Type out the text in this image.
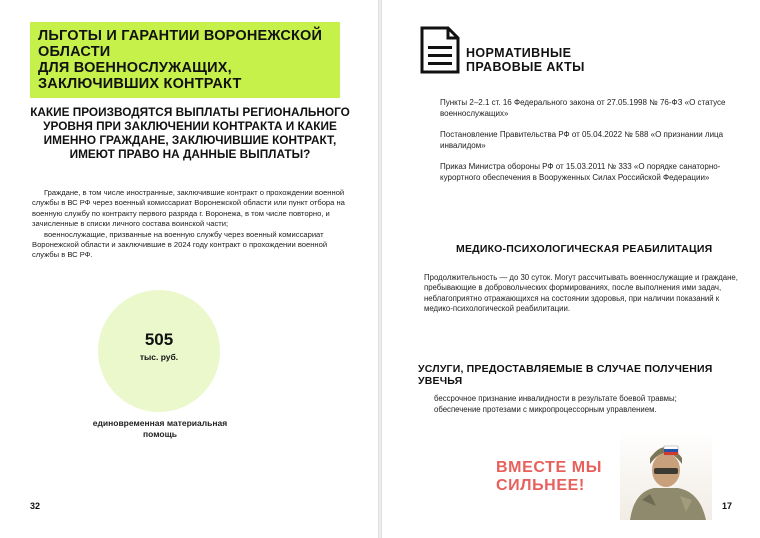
ЛЬГОТЫ И ГАРАНТИИ ВОРОНЕЖСКОЙ ОБЛАСТИ
ДЛЯ ВОЕННОСЛУЖАЩИХ,
ЗАКЛЮЧИВШИХ КОНТРАКТ
КАКИЕ ПРОИЗВОДЯТСЯ ВЫПЛАТЫ РЕГИОНАЛЬНОГО УРОВНЯ ПРИ ЗАКЛЮЧЕНИИ КОНТРАКТА И КАКИЕ ИМЕННО ГРАЖДАНЕ, ЗАКЛЮЧИВШИЕ КОНТРАКТ, ИМЕЮТ ПРАВО НА ДАННЫЕ ВЫПЛАТЫ?

Граждане, в том числе иностранные, заключившие контракт о прохождении военной службы в ВС РФ через военный комиссариат Воронежской области или пункт отбора на военную службу по контракту первого разряда г. Воронежа, в том числе повторно, и зачисленные в списки личного состава воинской части;

военнослужащие, призванные на военную службу через военный комиссариат Воронежской области и заключившие в 2024 году контракт о прохождении военной службы в ВС РФ.

505
тыс. руб.
единовременная материальная помощь
32
НОРМАТИВНЫЕ
ПРАВОВЫЕ АКТЫ
Пункты 2–2.1 ст. 16 Федерального закона от 27.05.1998 № 76-ФЗ «О статусе военнослужащих»
Постановление Правительства РФ от 05.04.2022 № 588 «О признании лица инвалидом»
Приказ Министра обороны РФ от 15.03.2011 № 333 «О порядке санаторно-курортного обеспечения в Вооруженных Силах Российской Федерации»
МЕДИКО-ПСИХОЛОГИЧЕСКАЯ РЕАБИЛИТАЦИЯ
Продолжительность — до 30 суток. Могут рассчитывать военнослужащие и граждане, пребывающие в добровольческих формированиях, после выполнения ими задач, неблагоприятно отражающихся на состоянии здоровья, при наличии показаний к медико-психологической реабилитации.
УСЛУГИ, ПРЕДОСТАВЛЯЕМЫЕ В СЛУЧАЕ ПОЛУЧЕНИЯ УВЕЧЬЯ
бессрочное признание инвалидности в результате боевой травмы;
обеспечение протезами с микропроцессорным управлением.
ВМЕСТЕ МЫ
СИЛЬНЕЕ!
17
